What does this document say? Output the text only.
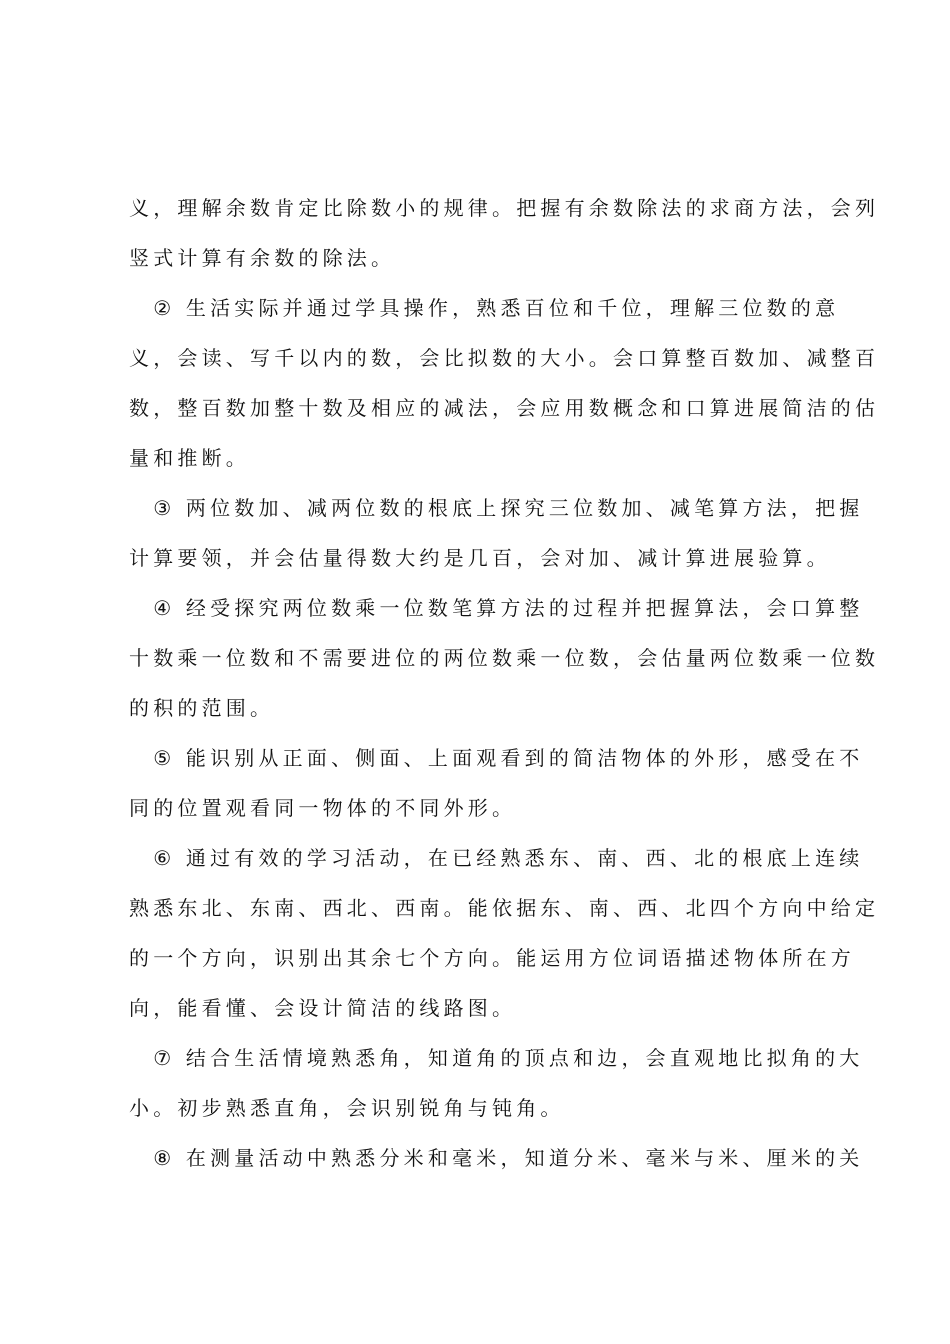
义，理解余数肯定比除数小的规律。把握有余数除法的求商方法，会列

竖式计算有余数的除法。

　② 生活实际并通过学具操作，熟悉百位和千位，理解三位数的意

义，会读、写千以内的数，会比拟数的大小。会口算整百数加、减整百

数，整百数加整十数及相应的减法，会应用数概念和口算进展简洁的估

量和推断。

　③ 两位数加、减两位数的根底上探究三位数加、减笔算方法，把握

计算要领，并会估量得数大约是几百，会对加、减计算进展验算。

　④ 经受探究两位数乘一位数笔算方法的过程并把握算法，会口算整

十数乘一位数和不需要进位的两位数乘一位数，会估量两位数乘一位数

的积的范围。

　⑤ 能识别从正面、侧面、上面观看到的简洁物体的外形，感受在不

同的位置观看同一物体的不同外形。

　⑥ 通过有效的学习活动，在已经熟悉东、南、西、北的根底上连续

熟悉东北、东南、西北、西南。能依据东、南、西、北四个方向中给定

的一个方向，识别出其余七个方向。能运用方位词语描述物体所在方

向，能看懂、会设计简洁的线路图。

　⑦ 结合生活情境熟悉角，知道角的顶点和边，会直观地比拟角的大

小。初步熟悉直角，会识别锐角与钝角。

　⑧ 在测量活动中熟悉分米和毫米，知道分米、毫米与米、厘米的关
